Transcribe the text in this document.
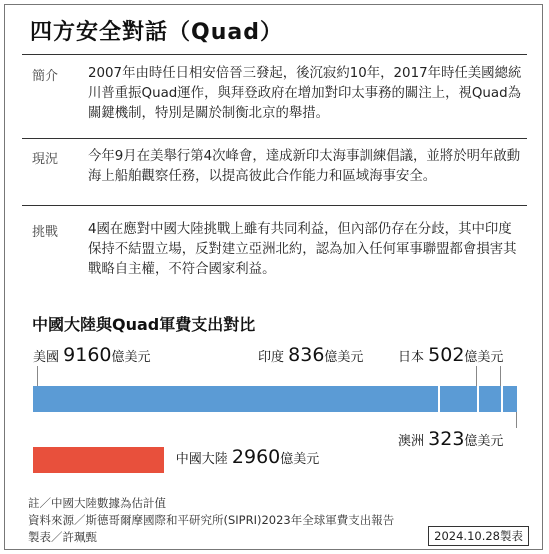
四方安全對話（Quad）
簡介 2007年由時任日相安倍晉三發起，後沉寂約10年，2017年時任美國總統川普重振Quad運作，與拜登政府在增加對印太事務的關注上，視Quad為關鍵機制，特別是關於制衡北京的舉措。
現況 今年9月在美舉行第4次峰會，達成新印太海事訓練倡議，並將於明年啟動海上船舶觀察任務，以提高彼此合作能力和區域海事安全。
挑戰 4國在應對中國大陸挑戰上雖有共同利益，但內部仍存在分歧，其中印度保持不結盟立場，反對建立亞洲北約，認為加入任何軍事聯盟都會損害其戰略自主權，不符合國家利益。
中國大陸與Quad軍費支出對比
美國 9160億美元	印度 836億美元	日本 502億美元
澳洲 323億美元
中國大陸 2960億美元
註／中國大陸數據為估計值
資料來源／斯德哥爾摩國際和平研究所(SIPRI)2023年全球軍費支出報告
製表／許珮甄	2024.10.28製表
